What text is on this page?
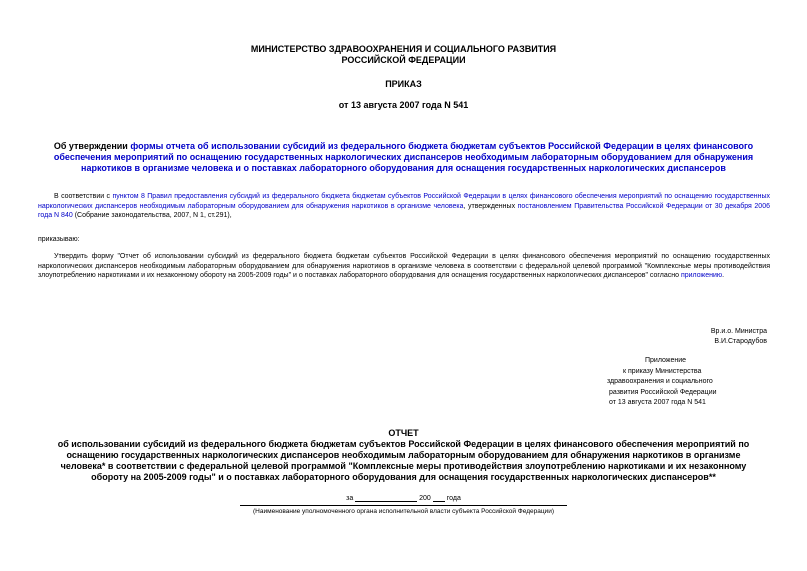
МИНИСТЕРСТВО ЗДРАВООХРАНЕНИЯ И СОЦИАЛЬНОГО РАЗВИТИЯ
РОССИЙСКОЙ ФЕДЕРАЦИИ
ПРИКАЗ
от 13 августа 2007 года N 541
Об утверждении формы отчета об использовании субсидий из федерального бюджета бюджетам субъектов Российской Федерации в целях финансового обеспечения мероприятий по оснащению государственных наркологических диспансеров необходимым лабораторным оборудованием для обнаружения наркотиков в организме человека и о поставках лабораторного оборудования для оснащения государственных наркологических диспансеров
В соответствии с пунктом 8 Правил предоставления субсидий из федерального бюджета бюджетам субъектов Российской Федерации в целях финансового обеспечения мероприятий по оснащению государственных наркологических диспансеров необходимым лабораторным оборудованием для обнаружения наркотиков в организме человека, утвержденных постановлением Правительства Российской Федерации от 30 декабря 2006 года N 840 (Собрание законодательства, 2007, N 1, ст.291),
приказываю:
Утвердить форму "Отчет об использовании субсидий из федерального бюджета бюджетам субъектов Российской Федерации в целях финансового обеспечения мероприятий по оснащению государственных наркологических диспансеров необходимым лабораторным оборудованием для обнаружения наркотиков в организме человека в соответствии с федеральной целевой программой "Комплексные меры противодействия злоупотреблению наркотиками и их незаконному обороту на 2005-2009 годы" и о поставках лабораторного оборудования для оснащения государственных наркологических диспансеров" согласно приложению.
Вр.и.о. Министра
В.И.Стародубов
Приложение
к приказу Министерства
здравоохранения и социального
развития Российской Федерации
от 13 августа 2007 года N 541
ОТЧЕТ
об использовании субсидий из федерального бюджета бюджетам субъектов Российской Федерации в целях финансового обеспечения мероприятий по оснащению государственных наркологических диспансеров необходимым лабораторным оборудованием для обнаружения наркотиков в организме человека* в соответствии с федеральной целевой программой "Комплексные меры противодействия злоупотреблению наркотиками и их незаконному обороту на 2005-2009 годы" и о поставках лабораторного оборудования для оснащения государственных наркологических диспансеров**
за	200 года
(Наименование уполномоченного органа исполнительной власти субъекта Российской Федерации)
